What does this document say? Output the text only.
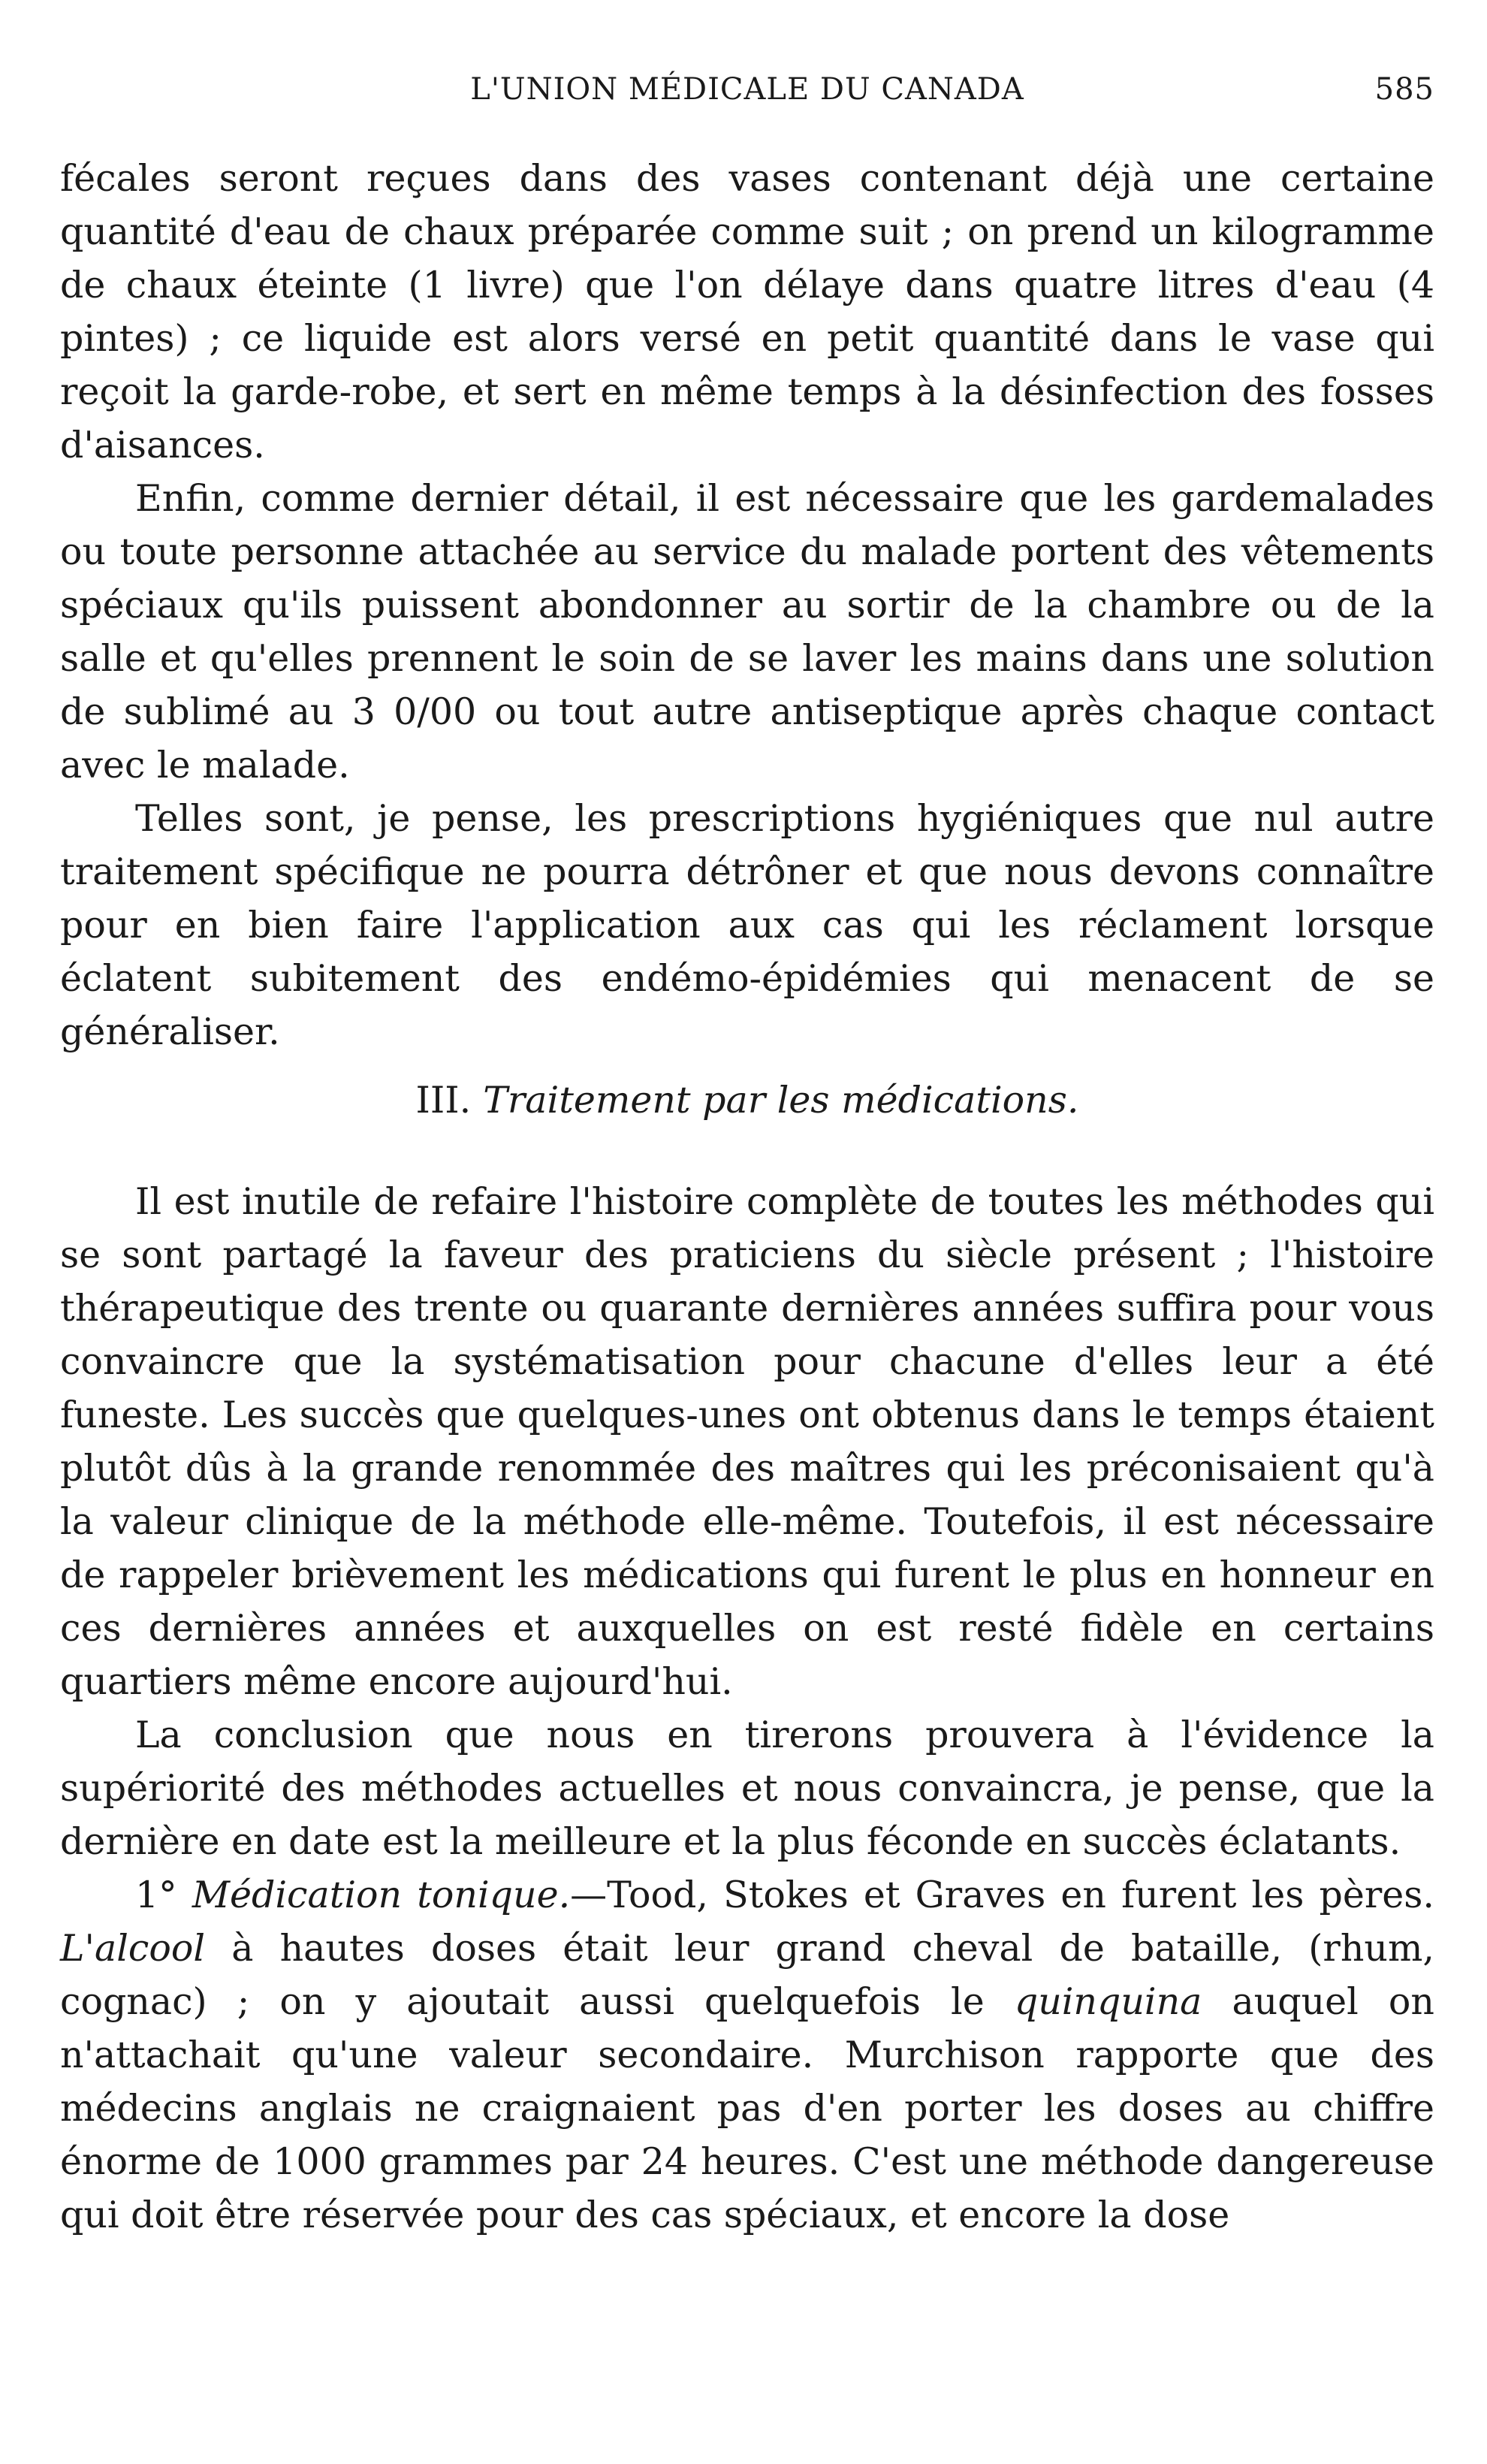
L'UNION MÉDICALE DU CANADA	585

fécales seront reçues dans des vases contenant déjà une certaine quantité d'eau de chaux préparée comme suit ; on prend un kilogramme de chaux éteinte (1 livre) que l'on délaye dans quatre litres d'eau (4 pintes) ; ce liquide est alors versé en petit quantité dans le vase qui reçoit la garde-robe, et sert en même temps à la désinfection des fosses d'aisances.

Enfin, comme dernier détail, il est nécessaire que les gardemalades ou toute personne attachée au service du malade portent des vêtements spéciaux qu'ils puissent abondonner au sortir de la chambre ou de la salle et qu'elles prennent le soin de se laver les mains dans une solution de sublimé au 3 0/00 ou tout autre antiseptique après chaque contact avec le malade.

Telles sont, je pense, les prescriptions hygiéniques que nul autre traitement spécifique ne pourra détrôner et que nous devons connaître pour en bien faire l'application aux cas qui les réclament lorsque éclatent subitement des endémo-épidémies qui menacent de se généraliser.

III. Traitement par les médications.

Il est inutile de refaire l'histoire complète de toutes les méthodes qui se sont partagé la faveur des praticiens du siècle présent ; l'histoire thérapeutique des trente ou quarante dernières années suffira pour vous convaincre que la systématisation pour chacune d'elles leur a été funeste. Les succès que quelques-unes ont obtenus dans le temps étaient plutôt dûs à la grande renommée des maîtres qui les préconisaient qu'à la valeur clinique de la méthode elle-même. Toutefois, il est nécessaire de rappeler brièvement les médications qui furent le plus en honneur en ces dernières années et auxquelles on est resté fidèle en certains quartiers même encore aujourd'hui.

La conclusion que nous en tirerons prouvera à l'évidence la supériorité des méthodes actuelles et nous convaincra, je pense, que la dernière en date est la meilleure et la plus féconde en succès éclatants.

1° Médication tonique.—Tood, Stokes et Graves en furent les pères. L'alcool à hautes doses était leur grand cheval de bataille, (rhum, cognac) ; on y ajoutait aussi quelquefois le quinquina auquel on n'attachait qu'une valeur secondaire. Murchison rapporte que des médecins anglais ne craignaient pas d'en porter les doses au chiffre énorme de 1000 grammes par 24 heures. C'est une méthode dangereuse qui doit être réservée pour des cas spéciaux, et encore la dose
